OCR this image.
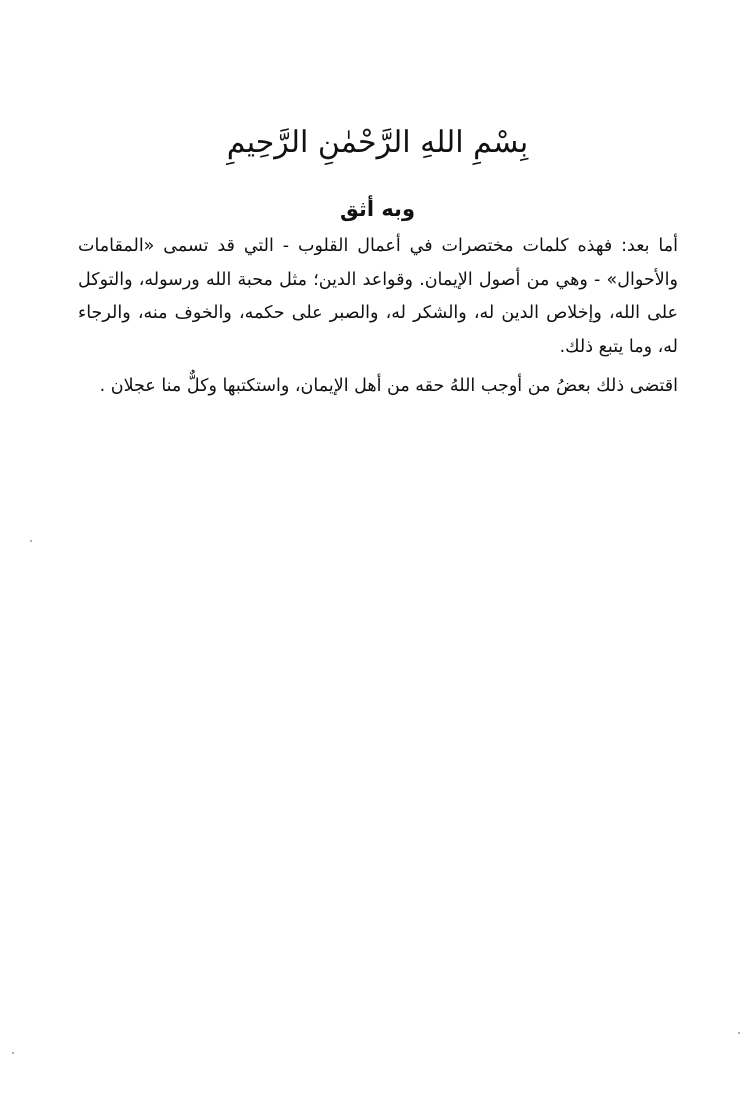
بِسْمِ اللهِ الرَّحْمٰنِ الرَّحِيمِ
وبه أثق

أما بعد: فهذه كلمات مختصرات في أعمال القلوب - التي قد تسمى «المقامات والأحوال» - وهي من أصول الإيمان. وقواعد الدين؛ مثل محبة الله ورسوله، والتوكل على الله، وإخلاص الدين له، والشكر له، والصبر على حكمه، والخوف منه، والرجاء له، وما يتبع ذلك.

اقتضى ذلك بعضُ من أوجب اللهُ حقه من أهل الإيمان، واستكتبها وكلٌّ منا عجلان .
